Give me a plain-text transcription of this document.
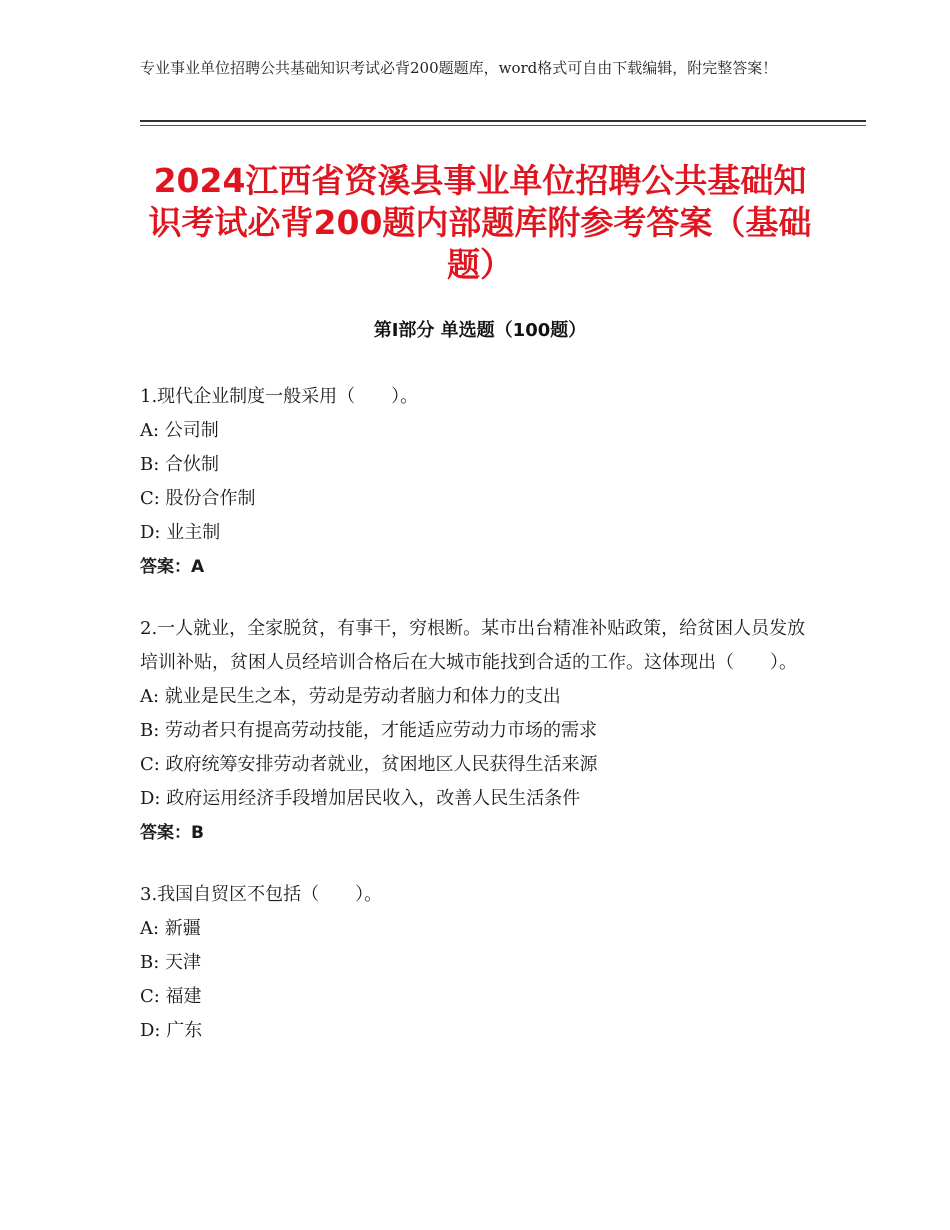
专业事业单位招聘公共基础知识考试必背200题题库，word格式可自由下载编辑，附完整答案！
2024江西省资溪县事业单位招聘公共基础知识考试必背200题内部题库附参考答案（基础题）
第Ⅰ部分 单选题（100题）
1.现代企业制度一般采用（　　）。
A: 公司制
B: 合伙制
C: 股份合作制
D: 业主制
答案：A
2.一人就业，全家脱贫，有事干，穷根断。某市出台精准补贴政策，给贫困人员发放培训补贴，贫困人员经培训合格后在大城市能找到合适的工作。这体现出（　　）。
A: 就业是民生之本，劳动是劳动者脑力和体力的支出
B: 劳动者只有提高劳动技能，才能适应劳动力市场的需求
C: 政府统筹安排劳动者就业，贫困地区人民获得生活来源
D: 政府运用经济手段增加居民收入，改善人民生活条件
答案：B
3.我国自贸区不包括（　　）。
A: 新疆
B: 天津
C: 福建
D: 广东
